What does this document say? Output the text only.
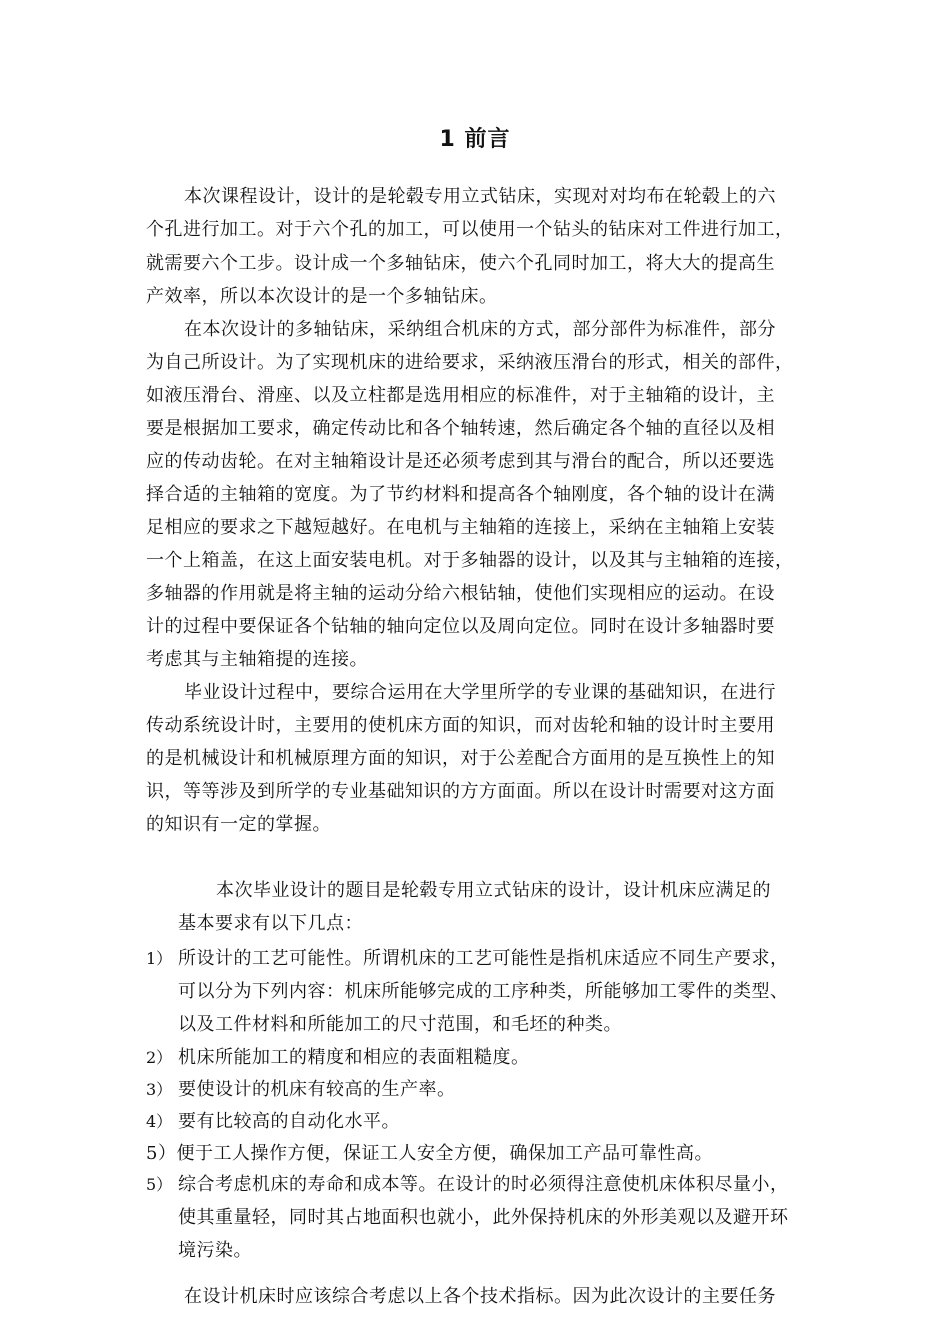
1 前言
本次课程设计，设计的是轮毂专用立式钻床，实现对对均布在轮毂上的六
个孔进行加工。对于六个孔的加工，可以使用一个钻头的钻床对工件进行加工，
就需要六个工步。设计成一个多轴钻床，使六个孔同时加工，将大大的提高生
产效率，所以本次设计的是一个多轴钻床。
在本次设计的多轴钻床，采纳组合机床的方式，部分部件为标准件，部分
为自己所设计。为了实现机床的进给要求，采纳液压滑台的形式，相关的部件，
如液压滑台、滑座、以及立柱都是选用相应的标准件，对于主轴箱的设计，主
要是根据加工要求，确定传动比和各个轴转速，然后确定各个轴的直径以及相
应的传动齿轮。在对主轴箱设计是还必须考虑到其与滑台的配合，所以还要选
择合适的主轴箱的宽度。为了节约材料和提高各个轴刚度，各个轴的设计在满
足相应的要求之下越短越好。在电机与主轴箱的连接上，采纳在主轴箱上安装
一个上箱盖，在这上面安装电机。对于多轴器的设计，以及其与主轴箱的连接，
多轴器的作用就是将主轴的运动分给六根钻轴，使他们实现相应的运动。在设
计的过程中要保证各个钻轴的轴向定位以及周向定位。同时在设计多轴器时要
考虑其与主轴箱提的连接。
毕业设计过程中，要综合运用在大学里所学的专业课的基础知识，在进行
传动系统设计时，主要用的使机床方面的知识，而对齿轮和轴的设计时主要用
的是机械设计和机械原理方面的知识，对于公差配合方面用的是互换性上的知
识，等等涉及到所学的专业基础知识的方方面面。所以在设计时需要对这方面
的知识有一定的掌握。
本次毕业设计的题目是轮毂专用立式钻床的设计，设计机床应满足的
基本要求有以下几点：
1） 所设计的工艺可能性。所谓机床的工艺可能性是指机床适应不同生产要求，
可以分为下列内容：机床所能够完成的工序种类，所能够加工零件的类型、
以及工件材料和所能加工的尺寸范围，和毛坯的种类。
2） 机床所能加工的精度和相应的表面粗糙度。
3） 要使设计的机床有较高的生产率。
4） 要有比较高的自动化水平。
5）便于工人操作方便，保证工人安全方便，确保加工产品可靠性高。
5） 综合考虑机床的寿命和成本等。在设计的时必须得注意使机床体积尽量小，
使其重量轻，同时其占地面积也就小，此外保持机床的外形美观以及避开环
境污染。
在设计机床时应该综合考虑以上各个技术指标。因为此次设计的主要任务
